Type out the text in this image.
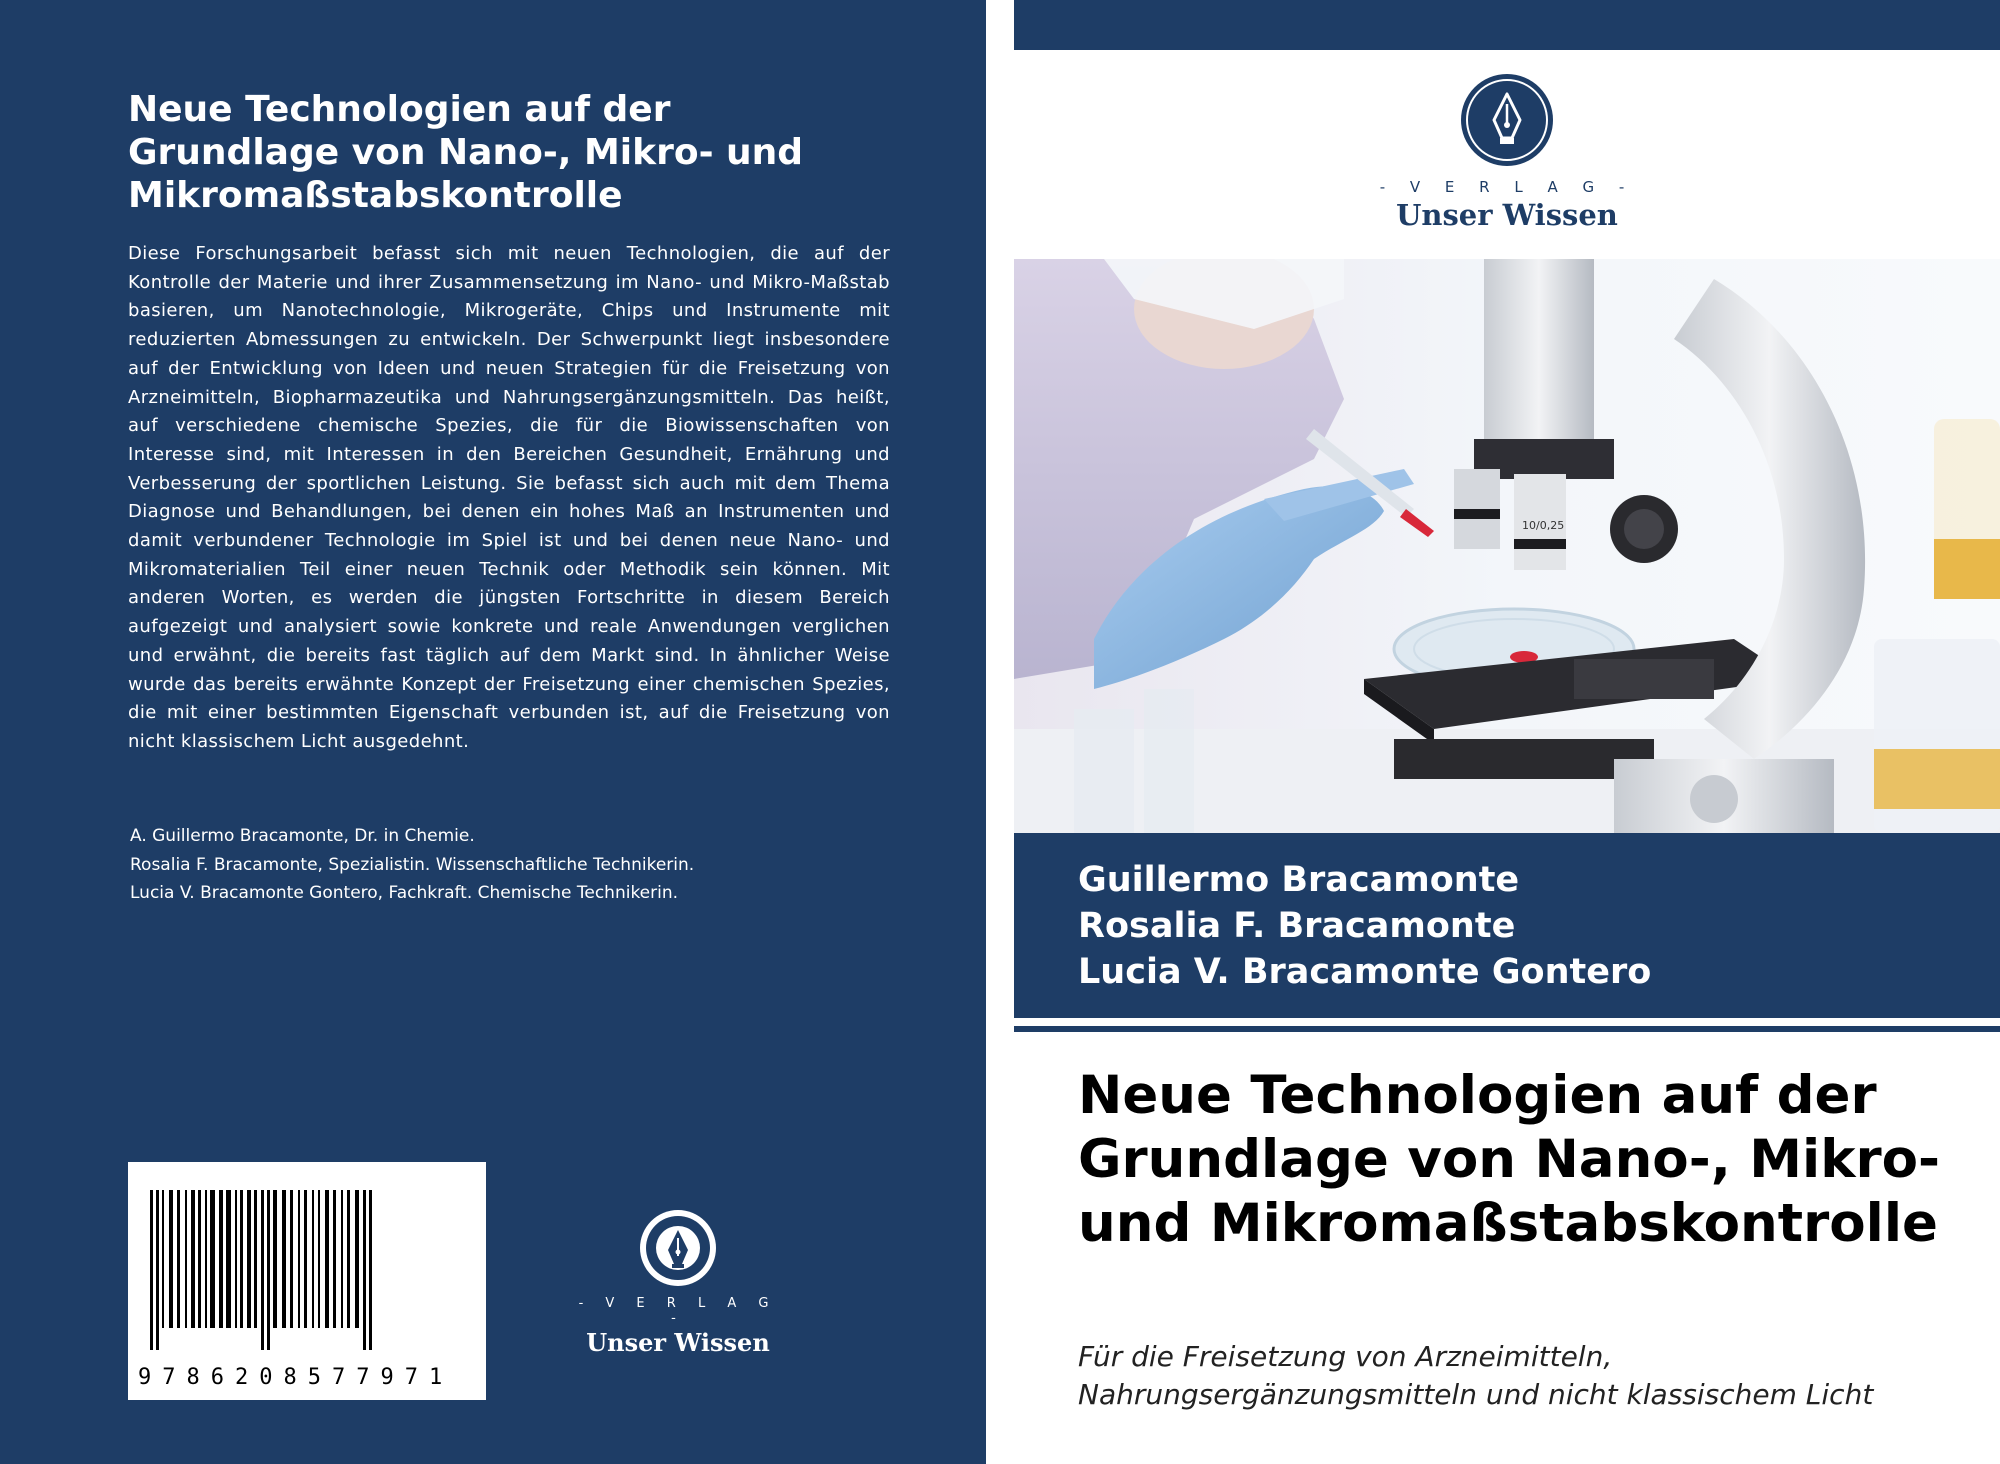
Neue Technologien auf der Grundlage von Nano-, Mikro- und Mikromaßstabskontrolle

Diese Forschungsarbeit befasst sich mit neuen Technologien, die auf der Kontrolle der Materie und ihrer Zusammensetzung im Nano- und Mikro-Maßstab basieren, um Nanotechnologie, Mikrogeräte, Chips und Instrumente mit reduzierten Abmessungen zu entwickeln. Der Schwerpunkt liegt insbesondere auf der Entwicklung von Ideen und neuen Strategien für die Freisetzung von Arzneimitteln, Biopharmazeutika und Nahrungsergänzungsmitteln. Das heißt, auf verschiedene chemische Spezies, die für die Biowissenschaften von Interesse sind, mit Interessen in den Bereichen Gesundheit, Ernährung und Verbesserung der sportlichen Leistung. Sie befasst sich auch mit dem Thema Diagnose und Behandlungen, bei denen ein hohes Maß an Instrumenten und damit verbundener Technologie im Spiel ist und bei denen neue Nano- und Mikromaterialien Teil einer neuen Technik oder Methodik sein können. Mit anderen Worten, es werden die jüngsten Fortschritte in diesem Bereich aufgezeigt und analysiert sowie konkrete und reale Anwendungen verglichen und erwähnt, die bereits fast täglich auf dem Markt sind. In ähnlicher Weise wurde das bereits erwähnte Konzept der Freisetzung einer chemischen Spezies, die mit einer bestimmten Eigenschaft verbunden ist, auf die Freisetzung von nicht klassischem Licht ausgedehnt.

A. Guillermo Bracamonte, Dr. in Chemie.
Rosalia F. Bracamonte, Spezialistin. Wissenschaftliche Technikerin.
Lucia V. Bracamonte Gontero, Fachkraft. Chemische Technikerin.
9786208577971
- V E R L A G -
Unser Wissen
- V E R L A G -
Unser Wissen
10/0,25
Guillermo Bracamonte
Rosalia F. Bracamonte
Lucia V. Bracamonte Gontero
Neue Technologien auf der Grundlage von Nano-, Mikro- und Mikromaßstabskontrolle

Für die Freisetzung von Arzneimitteln, Nahrungsergänzungsmitteln und nicht klassischem Licht
